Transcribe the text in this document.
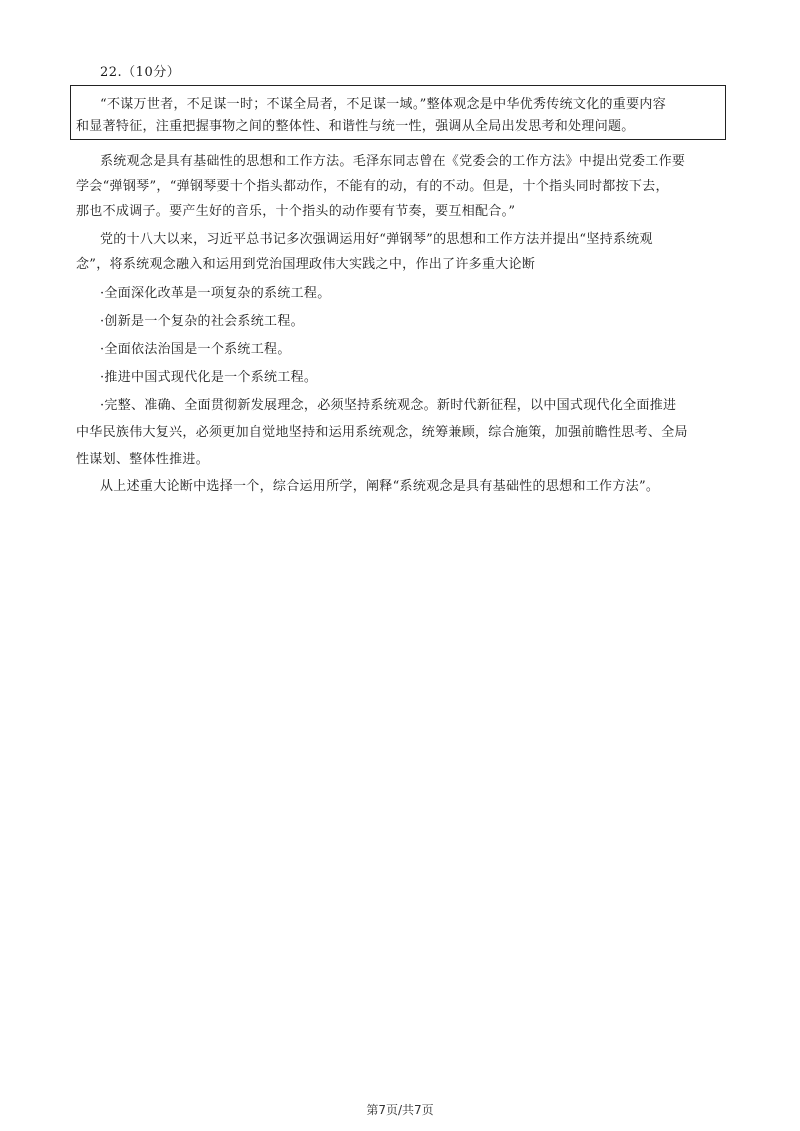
22.（10分）
“不谋万世者，不足谋一时；不谋全局者，不足谋一域。”整体观念是中华优秀传统文化的重要内容
和显著特征，注重把握事物之间的整体性、和谐性与统一性，强调从全局出发思考和处理问题。
系统观念是具有基础性的思想和工作方法。毛泽东同志曾在《党委会的工作方法》中提出党委工作要
学会“弹钢琴”，“弹钢琴要十个指头都动作，不能有的动，有的不动。但是，十个指头同时都按下去，
那也不成调子。要产生好的音乐，十个指头的动作要有节奏，要互相配合。”
党的十八大以来，习近平总书记多次强调运用好“弹钢琴”的思想和工作方法并提出“坚持系统观
念”，将系统观念融入和运用到党治国理政伟大实践之中，作出了许多重大论断
·全面深化改革是一项复杂的系统工程。
·创新是一个复杂的社会系统工程。
·全面依法治国是一个系统工程。
·推进中国式现代化是一个系统工程。
·完整、准确、全面贯彻新发展理念，必须坚持系统观念。新时代新征程，以中国式现代化全面推进
中华民族伟大复兴，必须更加自觉地坚持和运用系统观念，统筹兼顾，综合施策，加强前瞻性思考、全局
性谋划、整体性推进。
从上述重大论断中选择一个，综合运用所学，阐释“系统观念是具有基础性的思想和工作方法”。
第7页/共7页
